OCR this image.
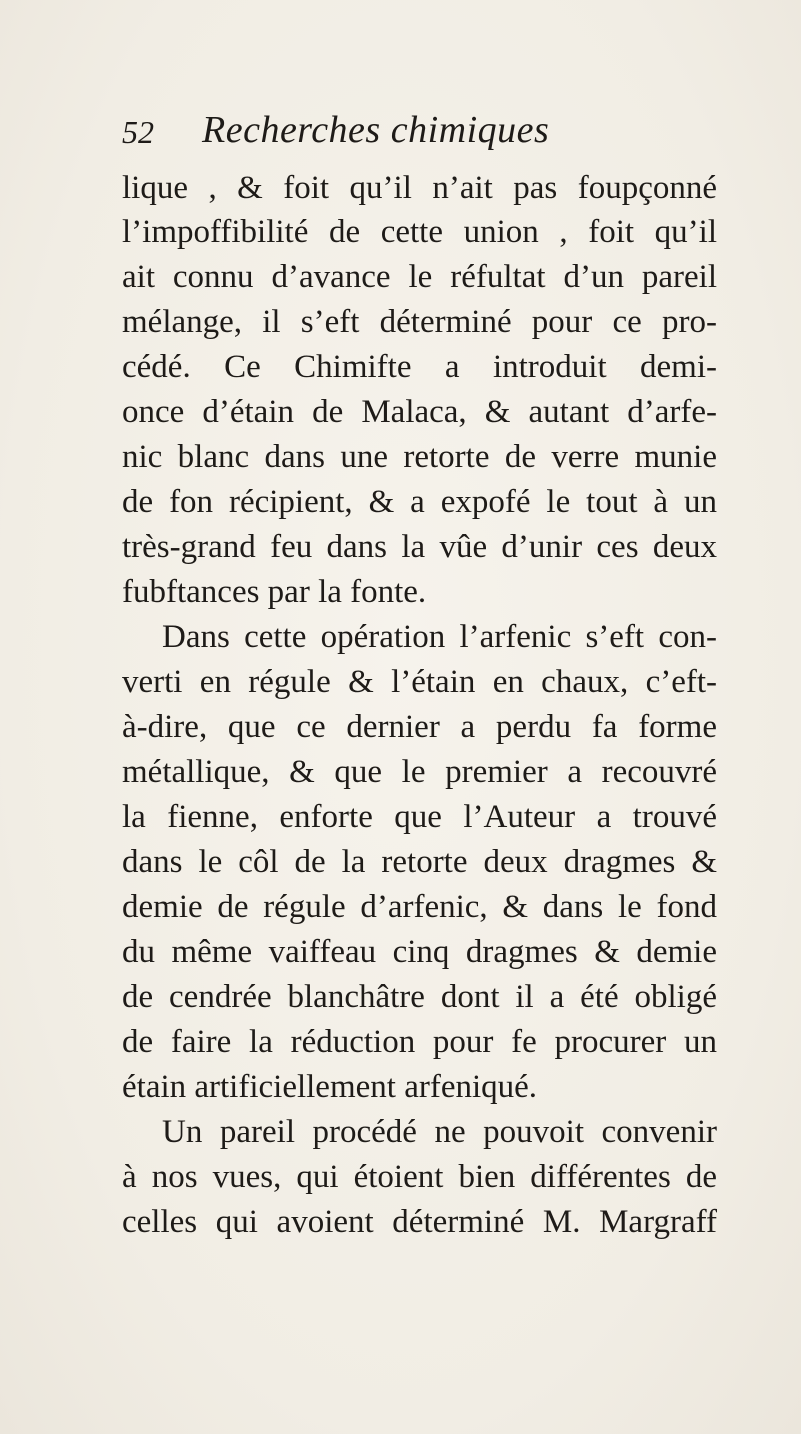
52 Recherches chimiques
lique , & foit qu’il n’ait pas foupçonné
l’impoffibilité de cette union , foit qu’il
ait connu d’avance le réfultat d’un pareil
mélange, il s’eft déterminé pour ce pro-
cédé. Ce Chimifte a introduit demi-
once d’étain de Malaca, & autant d’arfe-
nic blanc dans une retorte de verre munie
de fon récipient, & a expofé le tout à un
très-grand feu dans la vûe d’unir ces deux
fubftances par la fonte.
Dans cette opération l’arfenic s’eft con-
verti en régule & l’étain en chaux, c’eft-
à-dire, que ce dernier a perdu fa forme
métallique, & que le premier a recouvré
la fienne, enforte que l’Auteur a trouvé
dans le côl de la retorte deux dragmes &
demie de régule d’arfenic, & dans le fond
du même vaiffeau cinq dragmes & demie
de cendrée blanchâtre dont il a été obligé
de faire la réduction pour fe procurer un
étain artificiellement arfeniqué.
Un pareil procédé ne pouvoit convenir
à nos vues, qui étoient bien différentes de
celles qui avoient déterminé M. Margraff
